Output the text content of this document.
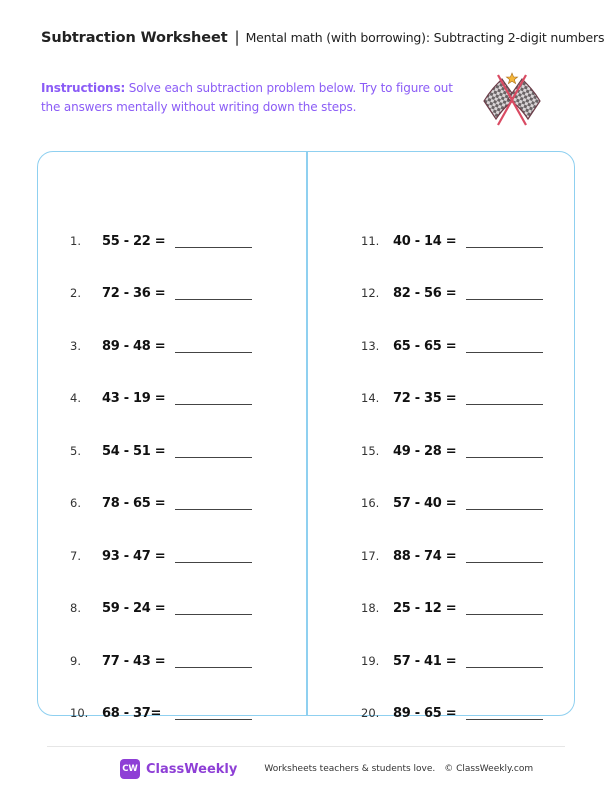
Subtraction Worksheet | Mental math (with borrowing): Subtracting 2-digit numbers
Instructions: Solve each subtraction problem below. Try to figure out the answers mentally without writing down the steps.
1.	55 - 22 =
2.	72 - 36 =
3.	89 - 48 =
4.	43 - 19 =
5.	54 - 51 =
6.	78 - 65 =
7.	93 - 47 =
8.	59 - 24 =
9.	77 - 43 =
10.	68 - 37=
11.	40 - 14 =
12.	82 - 56 =
13.	65 - 65 =
14.	72 - 35 =
15.	49 - 28 =
16.	57 - 40 =
17.	88 - 74 =
18.	25 - 12 =
19.	57 - 41 =
20.	89 - 65 =
CW ClassWeekly	Worksheets teachers & students love. © ClassWeekly.com
